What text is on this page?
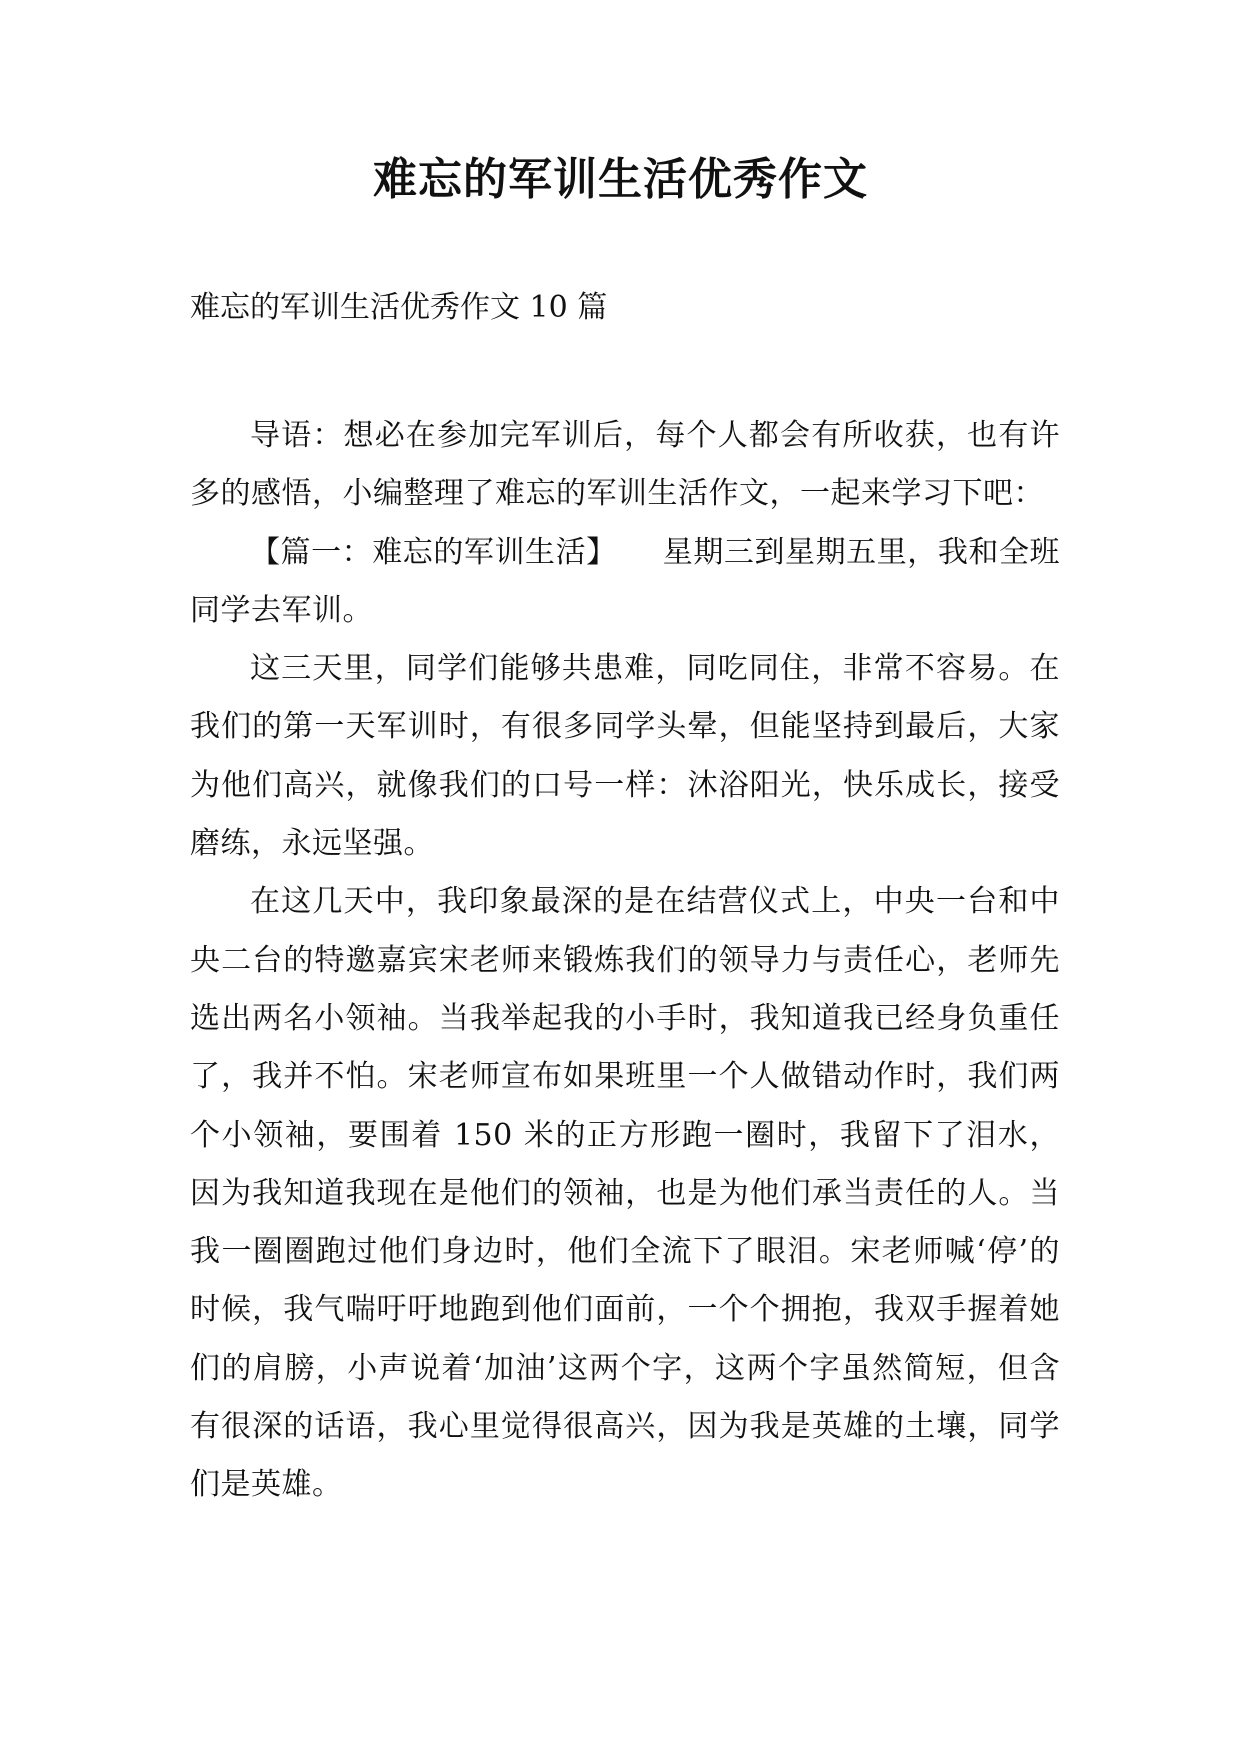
难忘的军训生活优秀作文

难忘的军训生活优秀作文 10 篇

导语：想必在参加完军训后，每个人都会有所收获，也有许多的感悟，小编整理了难忘的军训生活作文，一起来学习下吧：

【篇一：难忘的军训生活】　　星期三到星期五里，我和全班同学去军训。

这三天里，同学们能够共患难，同吃同住，非常不容易。在我们的第一天军训时，有很多同学头晕，但能坚持到最后，大家为他们高兴，就像我们的口号一样：沐浴阳光，快乐成长，接受磨练，永远坚强。

在这几天中，我印象最深的是在结营仪式上，中央一台和中央二台的特邀嘉宾宋老师来锻炼我们的领导力与责任心，老师先选出两名小领袖。当我举起我的小手时，我知道我已经身负重任了，我并不怕。宋老师宣布如果班里一个人做错动作时，我们两个小领袖，要围着 150 米的正方形跑一圈时，我留下了泪水，因为我知道我现在是他们的领袖，也是为他们承当责任的人。当我一圈圈跑过他们身边时，他们全流下了眼泪。宋老师喊‘停’的时候，我气喘吁吁地跑到他们面前，一个个拥抱，我双手握着她们的肩膀，小声说着‘加油’这两个字，这两个字虽然简短，但含有很深的话语，我心里觉得很高兴，因为我是英雄的土壤，同学们是英雄。
